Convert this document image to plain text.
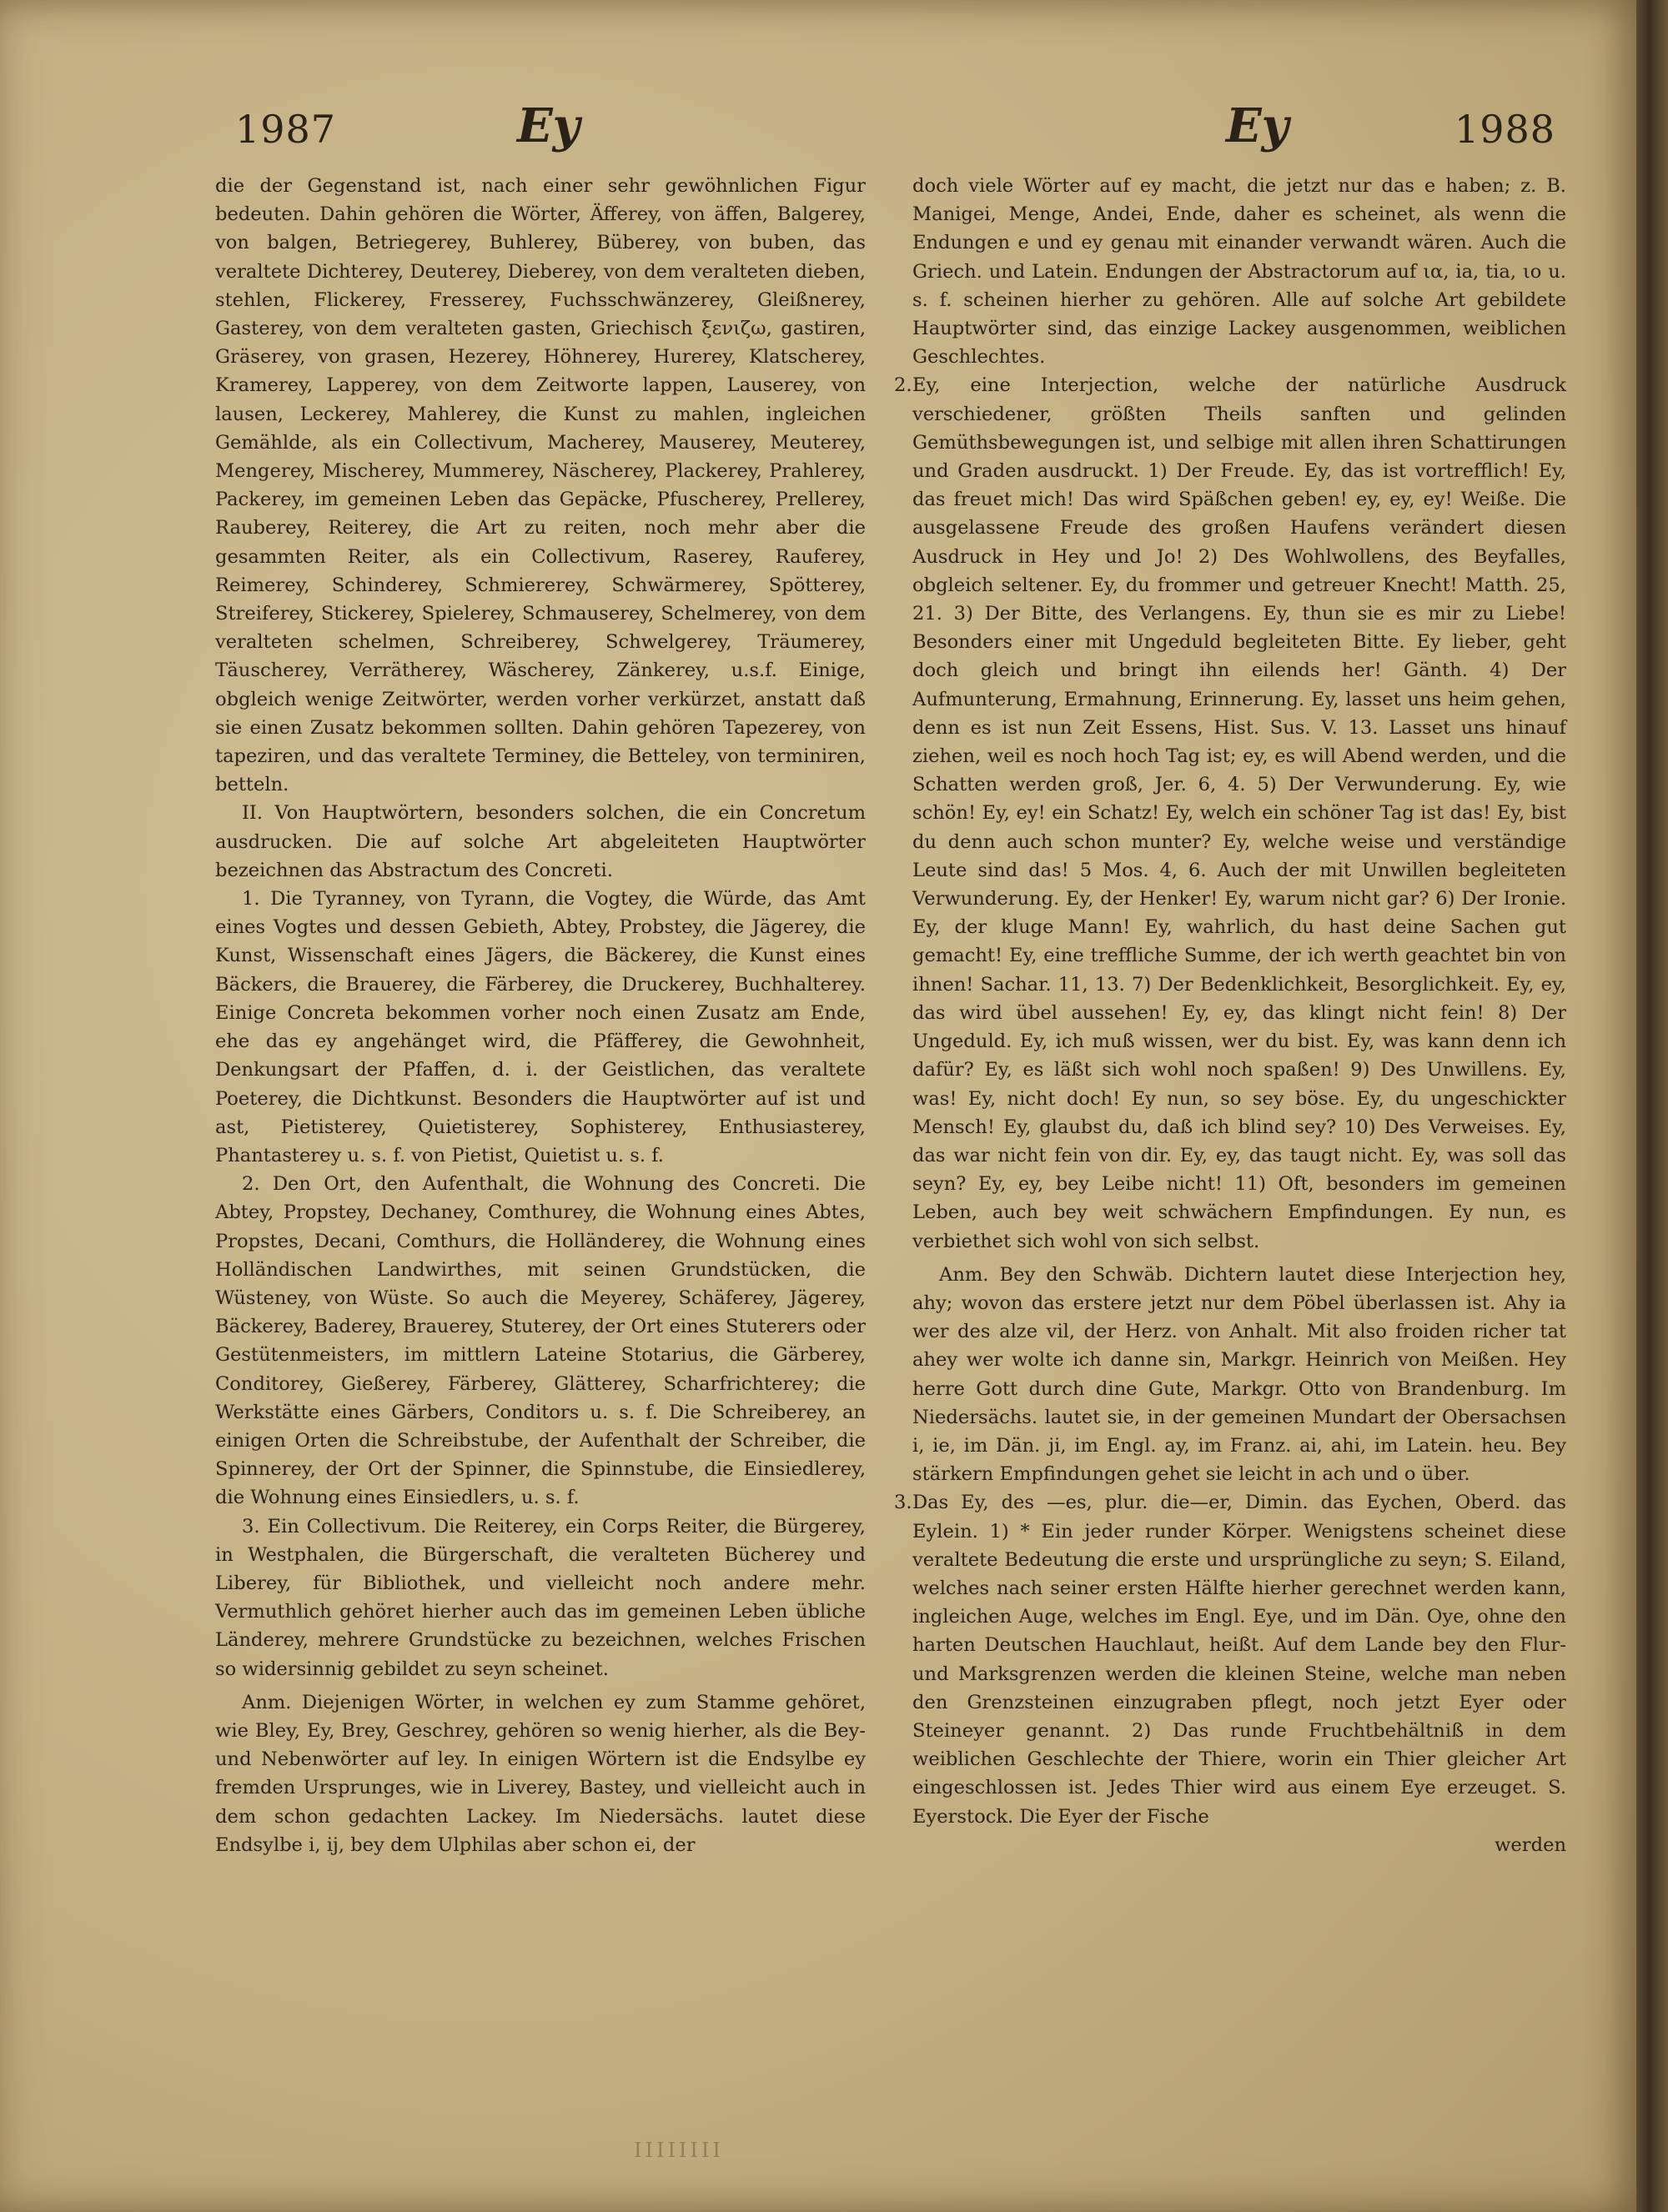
1987	Ey	Ey	1988

die der Gegenstand ist, nach einer sehr gewöhnlichen Figur bedeuten. Dahin gehören die Wörter, Äfferey, von äffen, Balgerey, von balgen, Betriegerey, Buhlerey, Büberey, von buben, das veraltete Dichterey, Deuterey, Dieberey, von dem veralteten dieben, stehlen, Flickerey, Fresserey, Fuchsschwänzerey, Gleißnerey, Gasterey, von dem veralteten gasten, Griechisch ξενιζω, gastiren, Gräserey, von grasen, Hezerey, Höhnerey, Hurerey, Klatscherey, Kramerey, Lapperey, von dem Zeitworte lappen, Lauserey, von lausen, Leckerey, Mahlerey, die Kunst zu mahlen, ingleichen Gemählde, als ein Collectivum, Macherey, Mauserey, Meuterey, Mengerey, Mischerey, Mummerey, Näscherey, Plackerey, Prahlerey, Packerey, im gemeinen Leben das Gepäcke, Pfuscherey, Prellerey, Rauberey, Reiterey, die Art zu reiten, noch mehr aber die gesammten Reiter, als ein Collectivum, Raserey, Rauferey, Reimerey, Schinderey, Schmiererey, Schwärmerey, Spötterey, Streiferey, Stickerey, Spielerey, Schmauserey, Schelmerey, von dem veralteten schelmen, Schreiberey, Schwelgerey, Träumerey, Täuscherey, Verrätherey, Wäscherey, Zänkerey, u.s.f. Einige, obgleich wenige Zeitwörter, werden vorher verkürzet, anstatt daß sie einen Zusatz bekommen sollten. Dahin gehören Tapezerey, von tapeziren, und das veraltete Terminey, die Betteley, von terminiren, betteln.

II. Von Hauptwörtern, besonders solchen, die ein Concretum ausdrucken. Die auf solche Art abgeleiteten Hauptwörter bezeichnen das Abstractum des Concreti.

1. Die Tyranney, von Tyrann, die Vogtey, die Würde, das Amt eines Vogtes und dessen Gebieth, Abtey, Probstey, die Jägerey, die Kunst, Wissenschaft eines Jägers, die Bäckerey, die Kunst eines Bäckers, die Brauerey, die Färberey, die Druckerey, Buchhalterey. Einige Concreta bekommen vorher noch einen Zusatz am Ende, ehe das ey angehänget wird, die Pfäfferey, die Gewohnheit, Denkungsart der Pfaffen, d. i. der Geistlichen, das veraltete Poeterey, die Dichtkunst. Besonders die Hauptwörter auf ist und ast, Pietisterey, Quietisterey, Sophisterey, Enthusiasterey, Phantasterey u. s. f. von Pietist, Quietist u. s. f.

2. Den Ort, den Aufenthalt, die Wohnung des Concreti. Die Abtey, Propstey, Dechaney, Comthurey, die Wohnung eines Abtes, Propstes, Decani, Comthurs, die Holländerey, die Wohnung eines Holländischen Landwirthes, mit seinen Grundstücken, die Wüsteney, von Wüste. So auch die Meyerey, Schäferey, Jägerey, Bäckerey, Baderey, Brauerey, Stuterey, der Ort eines Stuterers oder Gestütenmeisters, im mittlern Lateine Stotarius, die Gärberey, Conditorey, Gießerey, Färberey, Glätterey, Scharfrichterey; die Werkstätte eines Gärbers, Conditors u. s. f. Die Schreiberey, an einigen Orten die Schreibstube, der Aufenthalt der Schreiber, die Spinnerey, der Ort der Spinner, die Spinnstube, die Einsiedlerey, die Wohnung eines Einsiedlers, u. s. f.

3. Ein Collectivum. Die Reiterey, ein Corps Reiter, die Bürgerey, in Westphalen, die Bürgerschaft, die veralteten Bücherey und Liberey, für Bibliothek, und vielleicht noch andere mehr. Vermuthlich gehöret hierher auch das im gemeinen Leben übliche Länderey, mehrere Grundstücke zu bezeichnen, welches Frischen so widersinnig gebildet zu seyn scheinet.

Anm. Diejenigen Wörter, in welchen ey zum Stamme gehöret, wie Bley, Ey, Brey, Geschrey, gehören so wenig hierher, als die Bey- und Nebenwörter auf ley. In einigen Wörtern ist die Endsylbe ey fremden Ursprunges, wie in Liverey, Bastey, und vielleicht auch in dem schon gedachten Lackey. Im Niedersächs. lautet diese Endsylbe i, ij, bey dem Ulphilas aber schon ei, der

doch viele Wörter auf ey macht, die jetzt nur das e haben; z. B. Manigei, Menge, Andei, Ende, daher es scheinet, als wenn die Endungen e und ey genau mit einander verwandt wären. Auch die Griech. und Latein. Endungen der Abstractorum auf ια, ia, tia, ιο u. s. f. scheinen hierher zu gehören. Alle auf solche Art gebildete Hauptwörter sind, das einzige Lackey ausgenommen, weiblichen Geschlechtes.

2. Ey, eine Interjection, welche der natürliche Ausdruck verschiedener, größten Theils sanften und gelinden Gemüthsbewegungen ist, und selbige mit allen ihren Schattirungen und Graden ausdruckt. 1) Der Freude. Ey, das ist vortrefflich! Ey, das freuet mich! Das wird Späßchen geben! ey, ey, ey! Weiße. Die ausgelassene Freude des großen Haufens verändert diesen Ausdruck in Hey und Jo! 2) Des Wohlwollens, des Beyfalles, obgleich seltener. Ey, du frommer und getreuer Knecht! Matth. 25, 21. 3) Der Bitte, des Verlangens. Ey, thun sie es mir zu Liebe! Besonders einer mit Ungeduld begleiteten Bitte. Ey lieber, geht doch gleich und bringt ihn eilends her! Gänth. 4) Der Aufmunterung, Ermahnung, Erinnerung. Ey, lasset uns heim gehen, denn es ist nun Zeit Essens, Hist. Sus. V. 13. Lasset uns hinauf ziehen, weil es noch hoch Tag ist; ey, es will Abend werden, und die Schatten werden groß, Jer. 6, 4. 5) Der Verwunderung. Ey, wie schön! Ey, ey! ein Schatz! Ey, welch ein schöner Tag ist das! Ey, bist du denn auch schon munter? Ey, welche weise und verständige Leute sind das! 5 Mos. 4, 6. Auch der mit Unwillen begleiteten Verwunderung. Ey, der Henker! Ey, warum nicht gar? 6) Der Ironie. Ey, der kluge Mann! Ey, wahrlich, du hast deine Sachen gut gemacht! Ey, eine treffliche Summe, der ich werth geachtet bin von ihnen! Sachar. 11, 13. 7) Der Bedenklichkeit, Besorglichkeit. Ey, ey, das wird übel aussehen! Ey, ey, das klingt nicht fein! 8) Der Ungeduld. Ey, ich muß wissen, wer du bist. Ey, was kann denn ich dafür? Ey, es läßt sich wohl noch spaßen! 9) Des Unwillens. Ey, was! Ey, nicht doch! Ey nun, so sey böse. Ey, du ungeschickter Mensch! Ey, glaubst du, daß ich blind sey? 10) Des Verweises. Ey, das war nicht fein von dir. Ey, ey, das taugt nicht. Ey, was soll das seyn? Ey, ey, bey Leibe nicht! 11) Oft, besonders im gemeinen Leben, auch bey weit schwächern Empfindungen. Ey nun, es verbiethet sich wohl von sich selbst.

Anm. Bey den Schwäb. Dichtern lautet diese Interjection hey, ahy; wovon das erstere jetzt nur dem Pöbel überlassen ist. Ahy ia wer des alze vil, der Herz. von Anhalt. Mit also froiden richer tat ahey wer wolte ich danne sin, Markgr. Heinrich von Meißen. Hey herre Gott durch dine Gute, Markgr. Otto von Brandenburg. Im Niedersächs. lautet sie, in der gemeinen Mundart der Obersachsen i, ie, im Dän. ji, im Engl. ay, im Franz. ai, ahi, im Latein. heu. Bey stärkern Empfindungen gehet sie leicht in ach und o über.

3. Das Ey, des —es, plur. die—er, Dimin. das Eychen, Oberd. das Eylein. 1) * Ein jeder runder Körper. Wenigstens scheinet diese veraltete Bedeutung die erste und ursprüngliche zu seyn; S. Eiland, welches nach seiner ersten Hälfte hierher gerechnet werden kann, ingleichen Auge, welches im Engl. Eye, und im Dän. Oye, ohne den harten Deutschen Hauchlaut, heißt. Auf dem Lande bey den Flur- und Marksgrenzen werden die kleinen Steine, welche man neben den Grenzsteinen einzugraben pflegt, noch jetzt Eyer oder Steineyer genannt. 2) Das runde Fruchtbehältniß in dem weiblichen Geschlechte der Thiere, worin ein Thier gleicher Art eingeschlossen ist. Jedes Thier wird aus einem Eye erzeuget. S. Eyerstock. Die Eyer der Fische

werden

IIIIIIII
